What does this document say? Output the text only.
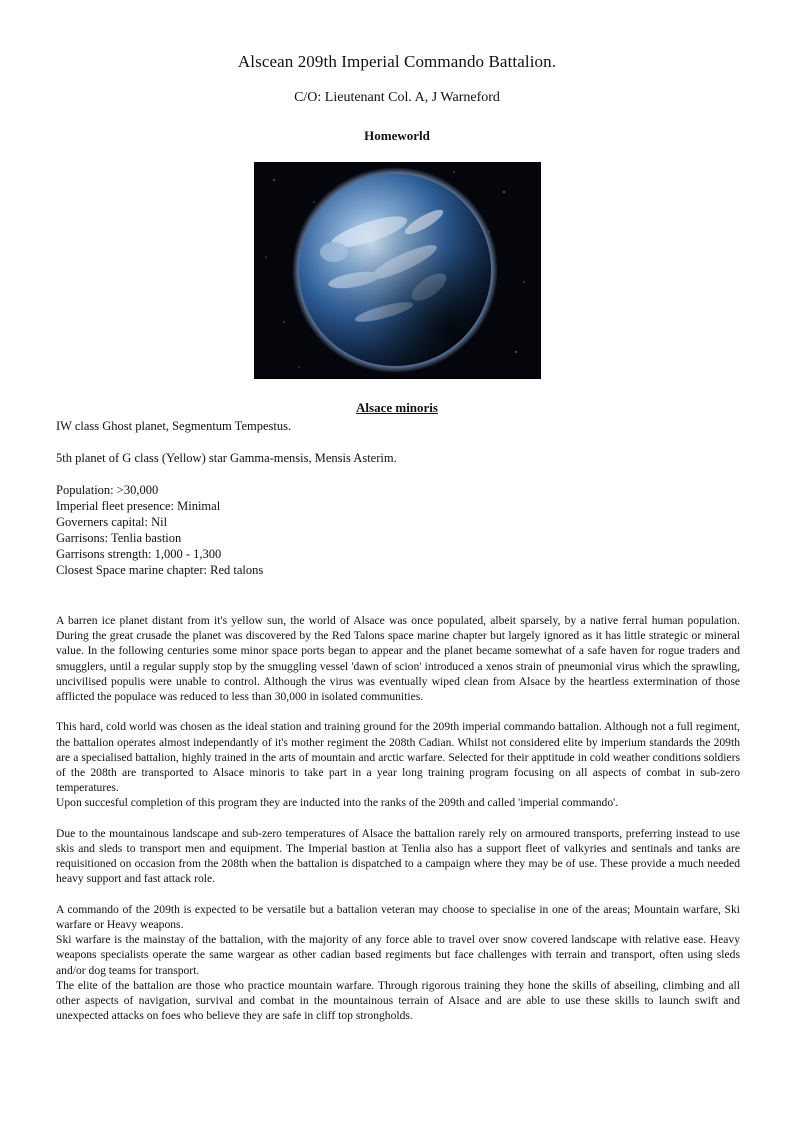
Alscean 209th Imperial Commando Battalion.
C/O: Lieutenant Col. A, J Warneford
Homeworld
Alsace minoris
IW class Ghost planet, Segmentum Tempestus.
5th planet of G class (Yellow) star Gamma-mensis, Mensis Asterim.
Population: >30,000
Imperial fleet presence: Minimal
Governers capital: Nil
Garrisons: Tenlia bastion
Garrisons strength: 1,000 - 1,300
Closest Space marine chapter: Red talons

A barren ice planet distant from it's yellow sun, the world of Alsace was once populated, albeit sparsely, by a native ferral human population. During the great crusade the planet was discovered by the Red Talons space marine chapter but largely ignored as it has little strategic or mineral value. In the following centuries some minor space ports began to appear and the planet became somewhat of a safe haven for rogue traders and smugglers, until a regular supply stop by the smuggling vessel 'dawn of scion' introduced a xenos strain of pneumonial virus which the sprawling, uncivilised populis were unable to control. Although the virus was eventually wiped clean from Alsace by the heartless extermination of those afflicted the populace was reduced to less than 30,000 in isolated communities.

This hard, cold world was chosen as the ideal station and training ground for the 209th imperial commando battalion. Although not a full regiment, the battalion operates almost independantly of it's mother regiment the 208th Cadian. Whilst not considered elite by imperium standards the 209th are a specialised battalion, highly trained in the arts of mountain and arctic warfare. Selected for their apptitude in cold weather conditions soldiers of the 208th are transported to Alsace minoris to take part in a year long training program focusing on all aspects of combat in sub-zero temperatures.
Upon succesful completion of this program they are inducted into the ranks of the 209th and called 'imperial commando'.

Due to the mountainous landscape and sub-zero temperatures of Alsace the battalion rarely rely on armoured transports, preferring instead to use skis and sleds to transport men and equipment. The Imperial bastion at Tenlia also has a support fleet of valkyries and sentinals and tanks are requisitioned on occasion from the 208th when the battalion is dispatched to a campaign where they may be of use. These provide a much needed heavy support and fast attack role.

A commando of the 209th is expected to be versatile but a battalion veteran may choose to specialise in one of the areas; Mountain warfare, Ski warfare or Heavy weapons.
Ski warfare is the mainstay of the battalion, with the majority of any force able to travel over snow covered landscape with relative ease. Heavy weapons specialists operate the same wargear as other cadian based regiments but face challenges with terrain and transport, often using sleds and/or dog teams for transport.
The elite of the battalion are those who practice mountain warfare. Through rigorous training they hone the skills of abseiling, climbing and all other aspects of navigation, survival and combat in the mountainous terrain of Alsace and are able to use these skills to launch swift and unexpected attacks on foes who believe they are safe in cliff top strongholds.
